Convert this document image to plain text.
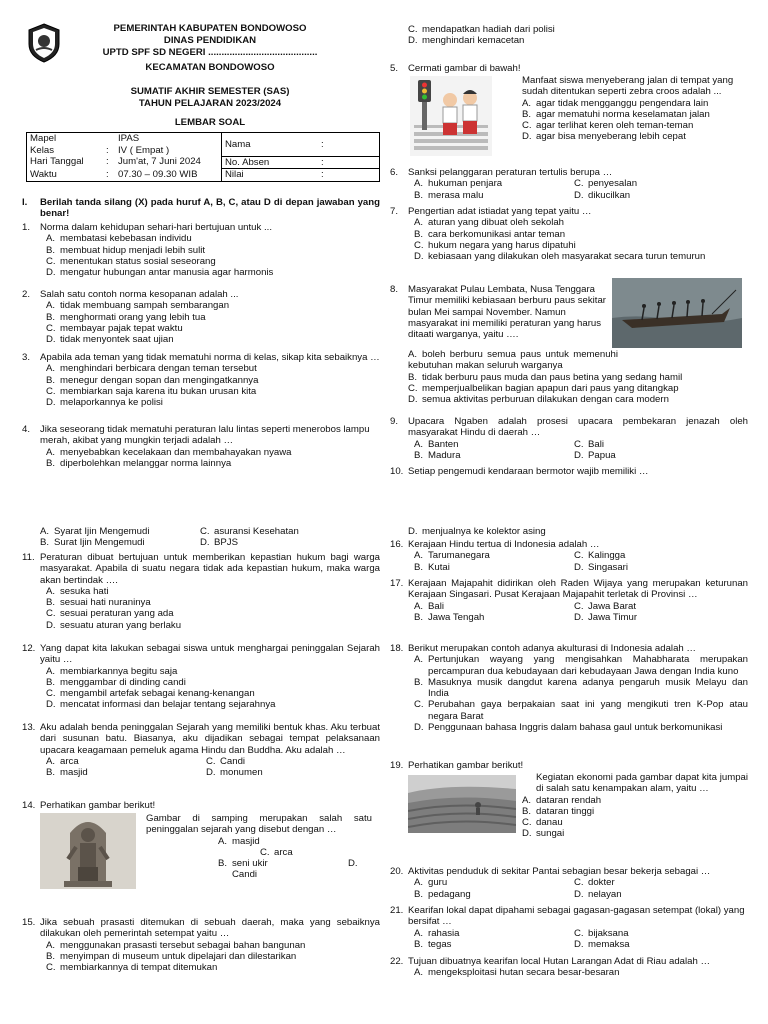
PEMERINTAH KABUPATEN BONDOWOSO
DINAS PENDIDIKAN
UPTD SPF SD NEGERI .........................................
KECAMATAN BONDOWOSO
SUMATIF AKHIR SEMESTER (SAS)
TAHUN PELAJARAN 2023/2024
LEMBAR SOAL
Mapel		IPAS	Nama	:
Kelas	:	IV ( Empat )		
Hari Tanggal	:	Jum'at, 7 Juni 2024	No. Absen	:
Waktu	:	07.30 – 09.30 WIB	Nilai	:
I. Berilah tanda silang (X) pada huruf A, B, C, atau D di depan jawaban yang benar!
1. Norma dalam kehidupan sehari-hari bertujuan untuk ...
A. membatasi kebebasan individu
B. membuat hidup menjadi lebih sulit
C. menentukan status sosial seseorang
D. mengatur hubungan antar manusia agar harmonis
2. Salah satu contoh norma kesopanan adalah ...
A. tidak membuang sampah sembarangan
B. menghormati orang yang lebih tua
C. membayar pajak tepat waktu
D. tidak menyontek saat ujian
3. Apabila ada teman yang tidak mematuhi norma di kelas, sikap kita sebaiknya …
A. menghindari berbicara dengan teman tersebut
B. menegur dengan sopan dan mengingatkannya
C. membiarkan saja karena itu bukan urusan kita
D. melaporkannya ke polisi
4. Jika seseorang tidak mematuhi peraturan lalu lintas seperti menerobos lampu merah, akibat yang mungkin terjadi adalah …
A. menyebabkan kecelakaan dan membahayakan nyawa
B. diperbolehkan melanggar norma lainnya
C. mendapatkan hadiah dari polisi
D. menghindari kemacetan
5. Cermati gambar di bawah!
Manfaat siswa menyeberang jalan di tempat yang sudah ditentukan seperti zebra croos adalah ...
A. agar tidak mengganggu pengendara lain
B. agar mematuhi norma keselamatan jalan
C. agar terlihat keren oleh teman-teman
D. agar bisa menyeberang lebih cepat
6. Sanksi pelanggaran peraturan tertulis berupa …
A. hukuman penjara	C. penyesalan
B. merasa malu	D. dikucilkan
7. Pengertian adat istiadat yang tepat yaitu …
A. aturan yang dibuat oleh sekolah
B. cara berkomunikasi antar teman
C. hukum negara yang harus dipatuhi
D. kebiasaan yang dilakukan oleh masyarakat secara turun temurun
8. Masyarakat Pulau Lembata, Nusa Tenggara Timur memiliki kebiasaan berburu paus sekitar bulan Mei sampai November. Namun masyarakat ini memiliki peraturan yang harus ditaati warganya, yaitu ….
A. boleh berburu semua paus untuk memenuhi kebutuhan makan seluruh warganya
B. tidak berburu paus muda dan paus betina yang sedang hamil
C. memperjualbelikan bagian apapun dari paus yang ditangkap
D. semua aktivitas perburuan dilakukan dengan cara modern
9. Upacara Ngaben adalah prosesi upacara pembekaran jenazah oleh masyarakat Hindu di daerah …
A. Banten	C. Bali
B. Madura	D. Papua
10. Setiap pengemudi kendaraan bermotor wajib memiliki …
A. Syarat Ijin Mengemudi	C. asuransi Kesehatan
B. Surat Ijin Mengemudi	D. BPJS
11. Peraturan dibuat bertujuan untuk memberikan kepastian hukum bagi warga masyarakat. Apabila di suatu negara tidak ada kepastian hukum, maka warga akan bertindak ….
A. sesuka hati
B. sesuai hati nuraninya
C. sesuai peraturan yang ada
D. sesuatu aturan yang berlaku
12. Yang dapat kita lakukan sebagai siswa untuk menghargai peninggalan Sejarah yaitu …
A. membiarkannya begitu saja
B. menggambar di dinding candi
C. mengambil artefak sebagai kenang-kenangan
D. mencatat informasi dan belajar tentang sejarahnya
13. Aku adalah benda peninggalan Sejarah yang memiliki bentuk khas. Aku terbuat dari susunan batu. Biasanya, aku dijadikan sebagai tempat pelaksanaan upacara keagamaan pemeluk agama Hindu dan Buddha. Aku adalah …
A. arca	C. Candi
B. masjid	D. monumen
14. Perhatikan gambar berikut!
Gambar di samping merupakan salah satu peninggalan sejarah yang disebut dengan …
A. masjid
C. arca
B. seni ukir	D.
Candi
15. Jika sebuah prasasti ditemukan di sebuah daerah, maka yang sebaiknya dilakukan oleh pemerintah setempat yaitu …
A. menggunakan prasasti tersebut sebagai bahan bangunan
B. menyimpan di museum untuk dipelajari dan dilestarikan
C. membiarkannya di tempat ditemukan
D. menjualnya ke kolektor asing
16. Kerajaan Hindu tertua di Indonesia adalah …
A. Tarumanegara	C. Kalingga
B. Kutai	D. Singasari
17. Kerajaan Majapahit didirikan oleh Raden Wijaya yang merupakan keturunan Kerajaan Singasari. Pusat Kerajaan Majapahit terletak di Provinsi …
A. Bali	C. Jawa Barat
B. Jawa Tengah	D. Jawa Timur
18. Berikut merupakan contoh adanya akulturasi di Indonesia adalah …
A. Pertunjukan wayang yang mengisahkan Mahabharata merupakan percampuran dua kebudayaan dari kebudayaan Jawa dengan India kuno
B. Masuknya musik dangdut karena adanya pengaruh musik Melayu dan India
C. Perubahan gaya berpakaian saat ini yang mengikuti tren K-Pop atau negara Barat
D. Penggunaan bahasa Inggris dalam bahasa gaul untuk berkomunikasi
19. Perhatikan gambar berikut!
Kegiatan ekonomi pada gambar dapat kita jumpai di salah satu kenampakan alam, yaitu …
A. dataran rendah
B. dataran tinggi
C. danau
D. sungai
20. Aktivitas penduduk di sekitar Pantai sebagian besar bekerja sebagai …
A. guru	C. dokter
B. pedagang	D. nelayan
21. Kearifan lokal dapat dipahami sebagai gagasan-gagasan setempat (lokal) yang bersifat …
A. rahasia	C. bijaksana
B. tegas	D. memaksa
22. Tujuan dibuatnya kearifan local Hutan Larangan Adat di Riau adalah …
A. mengeksploitasi hutan secara besar-besaran
